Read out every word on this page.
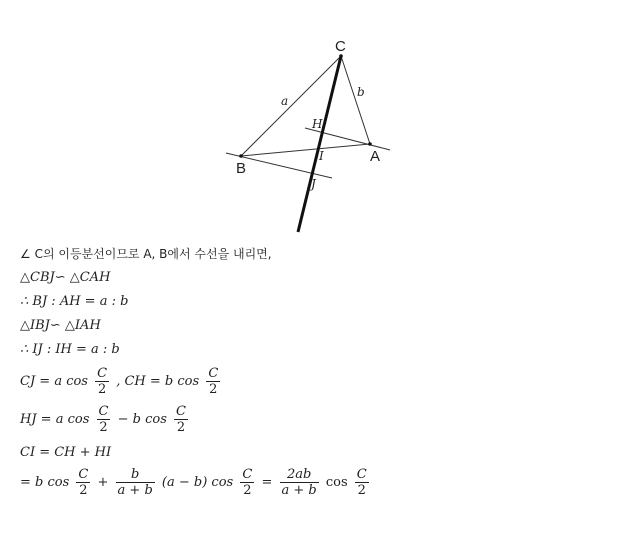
C
A
B
a
b
H
I
J
∠ C의 이등분선이므로 A, B에서 수선을 내리면,
△CBJ∽ △CAH
∴ BJ : AH = a : b
△IBJ∽ △IAH
∴ IJ : IH = a : b
CJ = a $\cos \frac{C}{2}$ , CH = b $\cos \frac{C}{2}$
HJ = a $\cos \frac{C}{2} - b$ $\cos \frac{C}{2}$
CI = CH + HI
= b $\cos \frac{C}{2} + \frac{b}{a + b} (a - b)$ $\cos \frac{C}{2} = \frac{2ab}{a + b}$ $\cos \frac{C}{2}$
